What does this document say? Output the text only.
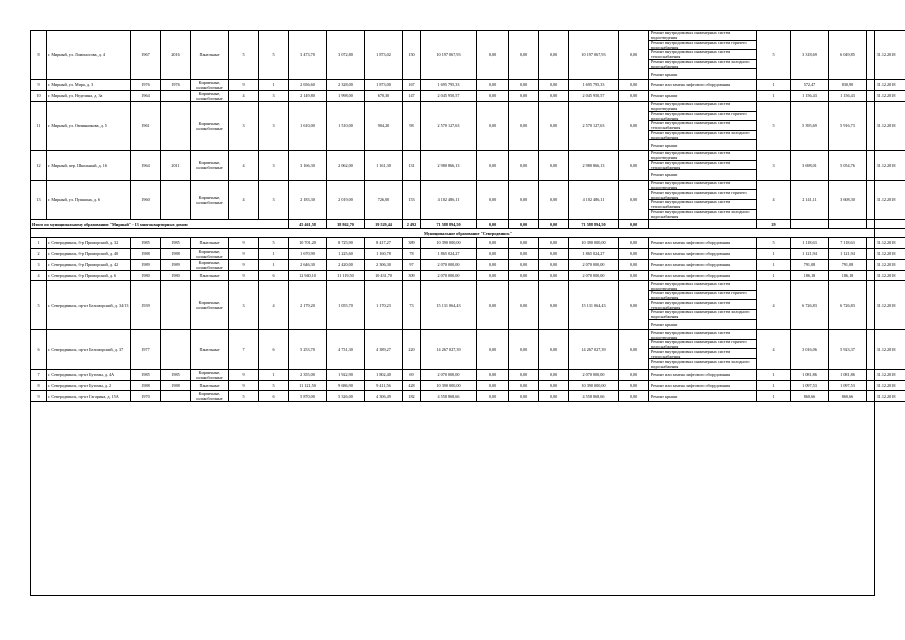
8	г. Мирный, ул. Ломоносова, д. 4	1967	2016	Панельные	5	5	3 473,70	3 072,80	1 873,02	150	10 197 067,93	0,00	0,00	0,00	10 197 067,93	0,00	Ремонт внутридомовых инженерных систем водоотведения
Ремонт внутридомовых инженерных систем горячего водоснабжения
Ремонт внутридомовых инженерных систем теплоснабжения
Ремонт внутридомовых инженерных систем холодного водоснабжения
Ремонт крыши	5	3 318,69	6 049,85	31.12.2018
9	г. Мирный, ул. Мира, д. 3	1976	1976	Кирпичные, шлакоблочные	9	1	2 656,60	2 328,00	1 873,00	167	1 695 795,33	0,00	0,00	0,00	1 695 795,33	0,00	Ремонт или замена лифтового оборудования	1	572,47	830,90	31.12.2018
10	г. Мирный, ул. Неделина, д. 3а	1964		Кирпичные, шлакоблочные	4	3	2 149,80	1 998,00	670,30	147	2 045 950,57	0,00	0,00	0,00	2 045 950,57	0,00	Ремонт крыши	1	1 156,43	1 156,43	31.12.2018
11	г. Мирный, ул. Овчинникова, д. 5	1961		Кирпичные, шлакоблочные	3	3	1 610,00	1 510,00	904,20	98	2 570 127,63	0,00	0,00	0,00	2 570 127,63	0,00	Ремонт внутридомовых инженерных систем водоотведения
Ремонт внутридомовых инженерных систем горячего водоснабжения
Ремонт внутридомовых инженерных систем теплоснабжения
Ремонт внутридомовых инженерных систем холодного водоснабжения
Ремонт крыши	5	5 395,69	5 916,73	31.12.2018
12	г. Мирный, пер. Школьный, д. 16	1964	2011	Кирпичные, шлакоблочные	4	3	3 166,30	2 062,00	1 161,30	131	2 980 866,13	0,00	0,00	0,00	2 980 866,13	0,00	Ремонт внутридомовых инженерных систем водоотведения
Ремонт внутридомовых инженерных систем теплоснабжения
Ремонт крыши	3	3 698,01	5 054,76	31.12.2018
13	г. Мирный, ул. Пушкина, д. 6	1960		Кирпичные, шлакоблочные	4	3	2 183,30	2 019,00	726,00	153	4 102 486,11	0,00	0,00	0,00	4 102 486,11	0,00	Ремонт внутридомовых инженерных систем водоотведения
Ремонт внутридомовых инженерных систем горячего водоснабжения
Ремонт внутридомовых инженерных систем теплоснабжения
Ремонт внутридомовых инженерных систем холодного водоснабжения	4	2 141,11	3 608,30	31.12.2018
Итого по муниципальному образованию "Мирный" - 13 многоквартирных домов:							45 461,58	38 862,70	19 529,44	2 492	71 588 894,50	0,00	0,00	0,00	71 588 894,50	0,00		29			
Муниципальное образование "Северодвинск"																					
1	г. Северодвинск, б-р Приморский, д. 32	1985	1985	Панельные	9	5	10 701,20	8 725,90	8 417,27	389	10 390 000,00	0,00	0,00	0,00	10 390 000,00	0,00	Ремонт или замена лифтового оборудования	5	1 118,63	7 118,63	31.12.2018
2	г. Северодвинск, б-р Приморский, д. 40	1988	1988	Кирпичные, шлакоблочные	9	1	1 670,90	1 225,60	1 160,78	78	1 865 024,27	0,00	0,00	0,00	1 865 024,27	0,00	Ремонт или замена лифтового оборудования	1	1 121,94	1 121,94	31.12.2018
3	г. Северодвинск, б-р Приморский, д. 42	1989	1989	Кирпичные, шлакоблочные	9	1	2 646,30	2 420,00	2 306,30	97	2 070 000,00	0,00	0,00	0,00	2 070 000,00	0,00	Ремонт или замена лифтового оборудования	1	791,08	791,08	31.12.2018
4	г. Северодвинск, б-р Приморский, д. 6	1980	1980	Панельные	9	6	12 940,10	11 119,50	10 431,70	309	2 070 000,00	0,00	0,00	0,00	2 070 000,00	0,00	Ремонт или замена лифтового оборудования	1	186,18	186,18	31.12.2018
5	г. Северодвинск, пр-кт Беломорский, д. 34/13	1939		Кирпичные, шлакоблочные	3	4	2 179,20	1 055,70	1 170,23	73	15 131 064,43	0,00	0,00	0,00	15 131 064,43	0,00	Ремонт внутридомовых инженерных систем водоотведения
Ремонт внутридомовых инженерных систем горячего водоснабжения
Ремонт внутридомовых инженерных систем теплоснабжения
Ремонт внутридомовых инженерных систем холодного водоснабжения
Ремонт крыши	4	6 726,83	6 726,83	31.12.2018
6	г. Северодвинск, пр-кт Беломорский, д. 37	1977		Панельные	7	6	5 253,70	4 731,30	4 389,27	220	14 267 027,39	0,00	0,00	0,00	14 267 027,39	0,00	Ремонт внутридомовых инженерных систем водоотведения
Ремонт внутридомовых инженерных систем горячего водоснабжения
Ремонт внутридомовых инженерных систем теплоснабжения
Ремонт внутридомовых инженерных систем холодного водоснабжения	4	3 016,06	5 923,37	31.12.2018
7	г. Северодвинск, пр-кт Бутомы, д. 4А	1985	1985	Кирпичные, шлакоблочные	9	1	2 355,00	1 922,90	1 802,40	69	2 070 000,00	0,00	0,00	0,00	2 070 000,00	0,00	Ремонт или замена лифтового оборудования	1	1 081,86	1 081,86	31.12.2018
8	г. Северодвинск, пр-кт Бутомы, д. 2	1988	1988	Панельные	9	5	11 121,50	9 686,90	9 411,56	428	10 390 000,00	0,00	0,00	0,00	10 390 000,00	0,00	Ремонт или замена лифтового оборудования	1	1 097,53	1 097,53	31.12.2018
9	г. Северодвинск, пр-кт Гагарина, д. 15А	1970		Кирпичные, шлакоблочные	5	6	5 870,00	5 326,00	4 306,49	182	4 558 868,66	0,00	0,00	0,00	4 558 868,66	0,00	Ремонт крыши	1	860,66	860,66	31.12.2018
